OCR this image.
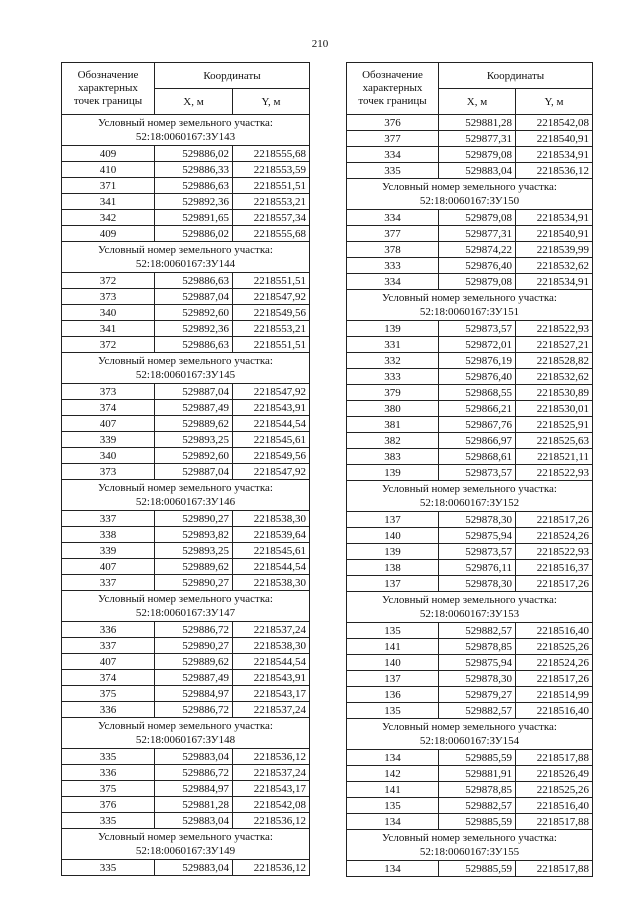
210
Обозначение характерных точек границы	Координаты	
	X, м	Y, м
Условный номер земельного участка: 52:18:0060167:ЗУ143		
409	529886,02	2218555,68
410	529886,33	2218553,59
371	529886,63	2218551,51
341	529892,36	2218553,21
342	529891,65	2218557,34
409	529886,02	2218555,68
Условный номер земельного участка: 52:18:0060167:ЗУ144		
372	529886,63	2218551,51
373	529887,04	2218547,92
340	529892,60	2218549,56
341	529892,36	2218553,21
372	529886,63	2218551,51
Условный номер земельного участка: 52:18:0060167:ЗУ145		
373	529887,04	2218547,92
374	529887,49	2218543,91
407	529889,62	2218544,54
339	529893,25	2218545,61
340	529892,60	2218549,56
373	529887,04	2218547,92
Условный номер земельного участка: 52:18:0060167:ЗУ146		
337	529890,27	2218538,30
338	529893,82	2218539,64
339	529893,25	2218545,61
407	529889,62	2218544,54
337	529890,27	2218538,30
Условный номер земельного участка: 52:18:0060167:ЗУ147		
336	529886,72	2218537,24
337	529890,27	2218538,30
407	529889,62	2218544,54
374	529887,49	2218543,91
375	529884,97	2218543,17
336	529886,72	2218537,24
Условный номер земельного участка: 52:18:0060167:ЗУ148		
335	529883,04	2218536,12
336	529886,72	2218537,24
375	529884,97	2218543,17
376	529881,28	2218542,08
335	529883,04	2218536,12
Условный номер земельного участка: 52:18:0060167:ЗУ149		
335	529883,04	2218536,12
Обозначение характерных точек границы	Координаты	
	X, м	Y, м
376	529881,28	2218542,08
377	529877,31	2218540,91
334	529879,08	2218534,91
335	529883,04	2218536,12
Условный номер земельного участка: 52:18:0060167:ЗУ150		
334	529879,08	2218534,91
377	529877,31	2218540,91
378	529874,22	2218539,99
333	529876,40	2218532,62
334	529879,08	2218534,91
Условный номер земельного участка: 52:18:0060167:ЗУ151		
139	529873,57	2218522,93
331	529872,01	2218527,21
332	529876,19	2218528,82
333	529876,40	2218532,62
379	529868,55	2218530,89
380	529866,21	2218530,01
381	529867,76	2218525,91
382	529866,97	2218525,63
383	529868,61	2218521,11
139	529873,57	2218522,93
Условный номер земельного участка: 52:18:0060167:ЗУ152		
137	529878,30	2218517,26
140	529875,94	2218524,26
139	529873,57	2218522,93
138	529876,11	2218516,37
137	529878,30	2218517,26
Условный номер земельного участка: 52:18:0060167:ЗУ153		
135	529882,57	2218516,40
141	529878,85	2218525,26
140	529875,94	2218524,26
137	529878,30	2218517,26
136	529879,27	2218514,99
135	529882,57	2218516,40
Условный номер земельного участка: 52:18:0060167:ЗУ154		
134	529885,59	2218517,88
142	529881,91	2218526,49
141	529878,85	2218525,26
135	529882,57	2218516,40
134	529885,59	2218517,88
Условный номер земельного участка: 52:18:0060167:ЗУ155		
134	529885,59	2218517,88
